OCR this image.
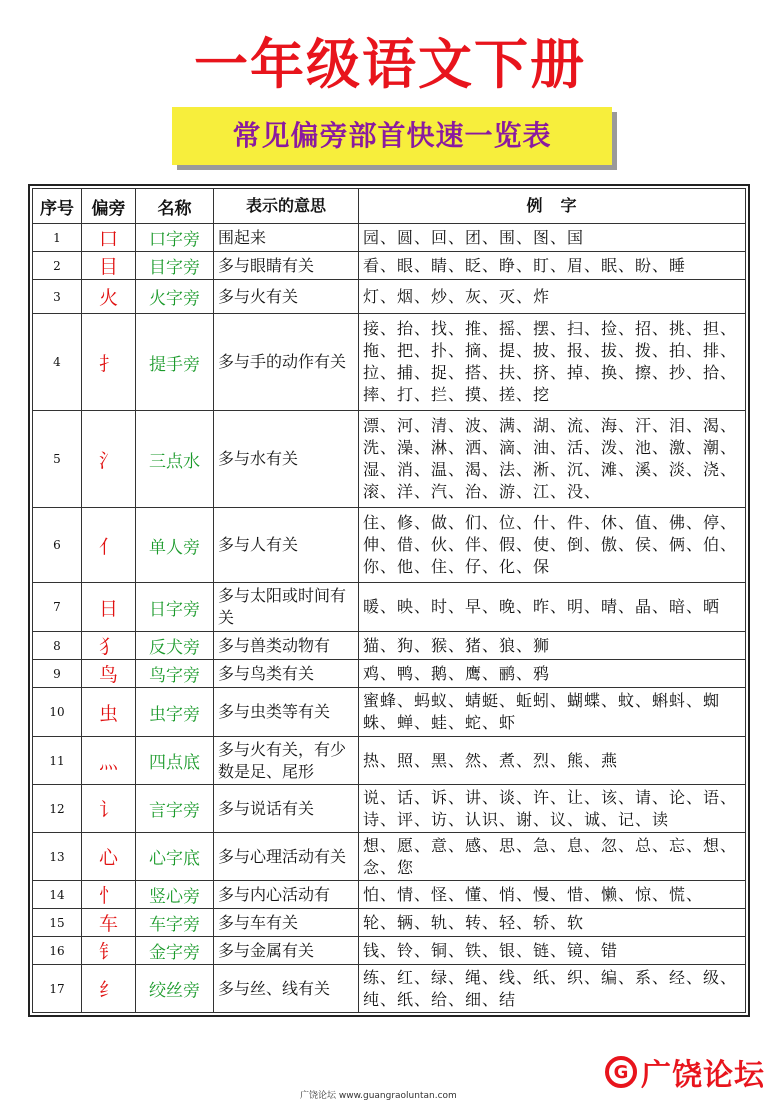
一年级语文下册
常见偏旁部首快速一览表
序号	偏旁	名称	表示的意思	例　字
1	口	口字旁	围起来	园、圆、回、团、围、图、国
2	目	目字旁	多与眼睛有关	看、眼、睛、眨、睁、盯、眉、眠、盼、睡
3	火	火字旁	多与火有关	灯、烟、炒、灰、灭、炸
4	扌	提手旁	多与手的动作有关	接、抬、找、推、摇、摆、扫、捡、招、挑、担、拖、把、扑、摘、提、披、报、拔、拨、拍、排、拉、捕、捉、搭、扶、挤、掉、换、擦、抄、拾、摔、打、拦、摸、搓、挖
5	氵	三点水	多与水有关	漂、河、清、波、满、湖、流、海、汗、泪、渴、洗、澡、淋、洒、滴、油、活、泼、池、激、潮、湿、消、温、渴、法、淅、沉、滩、溪、淡、浇、滚、洋、汽、治、游、江、没、
6	亻	单人旁	多与人有关	住、修、做、们、位、什、件、休、值、佛、停、伸、借、伙、伴、假、使、倒、傲、侯、俩、伯、你、他、住、仔、化、保
7	日	日字旁	多与太阳或时间有关	暖、映、时、早、晚、昨、明、晴、晶、暗、晒
8	犭	反犬旁	多与兽类动物有	猫、狗、猴、猪、狼、狮
9	鸟	鸟字旁	多与鸟类有关	鸡、鸭、鹅、鹰、鹂、鸦
10	虫	虫字旁	多与虫类等有关	蜜蜂、蚂蚁、蜻蜓、蚯蚓、蝴蝶、蚊、蝌蚪、蜘蛛、蝉、蛙、蛇、虾
11	灬	四点底	多与火有关，有少数是足、尾形	热、照、黑、然、煮、烈、熊、燕
12	讠	言字旁	多与说话有关	说、话、诉、讲、谈、许、让、该、请、论、语、诗、评、访、认识、谢、议、诚、记、读
13	心	心字底	多与心理活动有关	想、愿、意、感、思、急、息、忽、总、忘、想、念、您
14	忄	竖心旁	多与内心活动有	怕、情、怪、懂、悄、慢、惜、懒、惊、慌、
15	车	车字旁	多与车有关	轮、辆、轨、转、轻、轿、软
16	钅	金字旁	多与金属有关	钱、铃、铜、铁、银、链、镜、错
17	纟	绞丝旁	多与丝、线有关	练、红、绿、绳、线、纸、织、编、系、经、级、纯、纸、给、细、结
广饶论坛 www.guangraoluntan.com
G 广饶论坛
